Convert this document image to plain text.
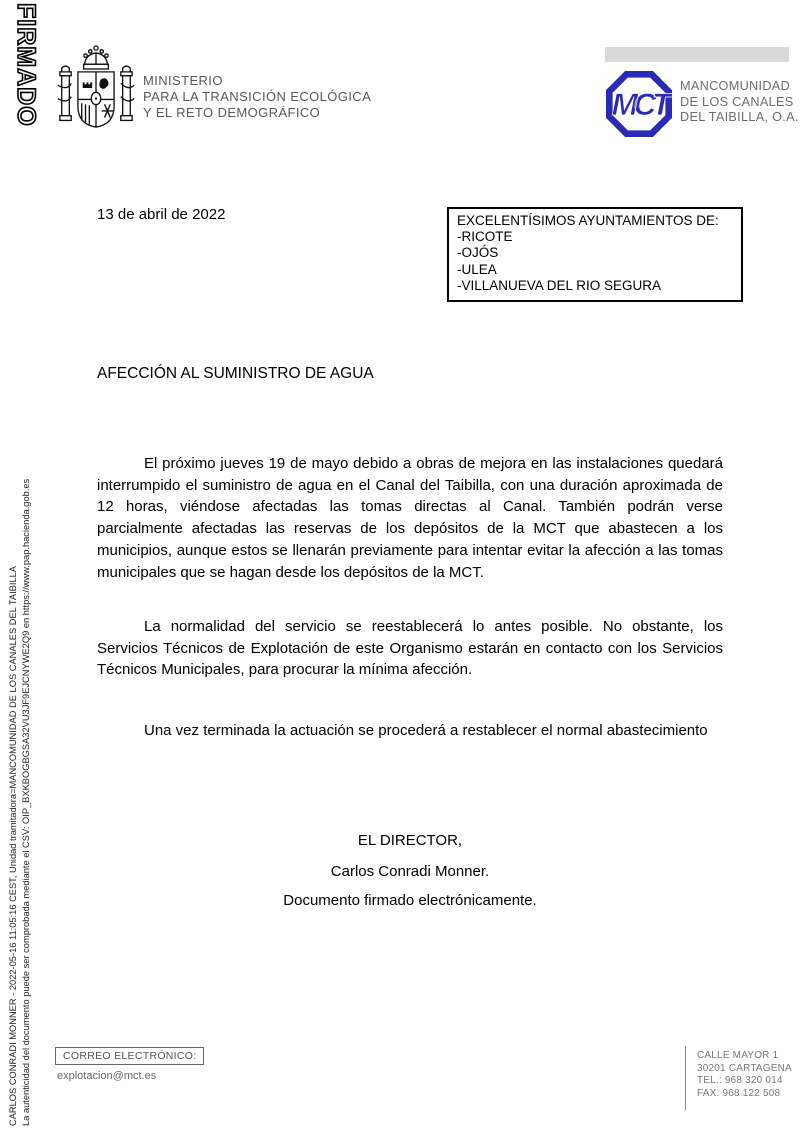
FIRMADO	MINISTERIO
PARA LA TRANSICIÓN ECOLÓGICA
Y EL RETO DEMOGRÁFICO	MCT
MANCOMUNIDAD
DE LOS CANALES
DEL TAIBILLA, O.A.
13 de abril de 2022	EXCELENTÍSIMOS AYUNTAMIENTOS DE:
-RICOTE
-OJÓS
-ULEA
-VILLANUEVA DEL RIO SEGURA
AFECCIÓN AL SUMINISTRO DE AGUA
El próximo jueves 19 de mayo debido a obras de mejora en las instalaciones quedará interrumpido el suministro de agua en el Canal del Taibilla, con una duración aproximada de 12 horas, viéndose afectadas las tomas directas al Canal. También podrán verse parcialmente afectadas las reservas de los depósitos de la MCT que abastecen a los municipios, aunque estos se llenarán previamente para intentar evitar la afección a las tomas municipales que se hagan desde los depósitos de la MCT.
La normalidad del servicio se reestablecerá lo antes posible. No obstante, los Servicios Técnicos de Explotación de este Organismo estarán en contacto con los Servicios Técnicos Municipales, para procurar la mínima afección.
Una vez terminada la actuación se procederá a restablecer el normal abastecimiento
EL DIRECTOR,
Carlos Conradi Monner.
Documento firmado electrónicamente.
CARLOS CONRADI MONNER - 2022-05-16 11:05:16 CEST, Unidad tramitadora=MANCOMUNIDAD DE LOS CANALES DEL TAIBILLA La autenticidad del documento puede ser comprobada mediante el CSV: OIP_BXKBOGBGSA32VU3JF9EJCNYWE2Q9 en https://www.pap.hacienda.gob.es	CORREO ELECTRÓNICO:
explotacion@mct.es
CALLE MAYOR 1
30201 CARTAGENA
TEL.: 968 320 014
FAX: 968 122 508
